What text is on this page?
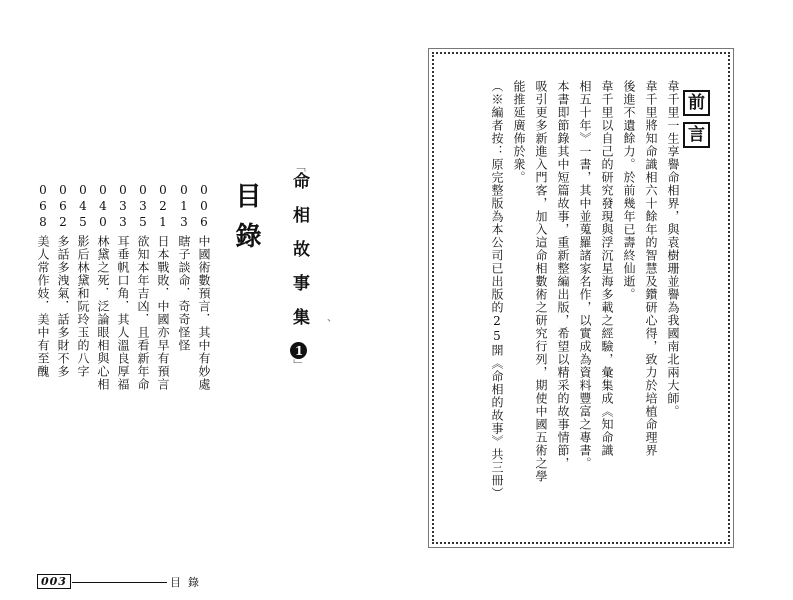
目錄
「命相故事集1」
006
中國術數預言．其中有妙處
013
瞎子談命．奇奇怪怪
021
日本戰敗．中國亦早有預言
035
欲知本年吉凶．且看新年命
033
耳垂帆口角．其人溫良厚福
040
林黛之死．泛論眼相與心相
045
影后林黛和阮玲玉的八字
062
多話多洩氣．話多財不多
068
美人常作妓．美中有至醜	、
003	目錄
前
言
韋千里一生享譽命相界，與袁樹珊並譽為我國南北兩大師。
韋千里將知命識相六十餘年的智慧及鑽研心得，致力於培植命理界
後進不遺餘力。於前幾年已壽終仙逝。
韋千里以自己的研究發現與浮沉星海多載之經驗，彙集成《知命識
相五十年》一書，其中並蒐羅諸家名作，以實成為資料豐富之專書。
本書即節錄其中短篇故事，重新整編出版，希望以精采的故事情節，
吸引更多新進入門客，加入這命相數術之研究行列，期使中國五術之學
能推延廣佈於衆。
（※編者按：原完整版為本公司已出版的25開《命相的故事》共三冊）
